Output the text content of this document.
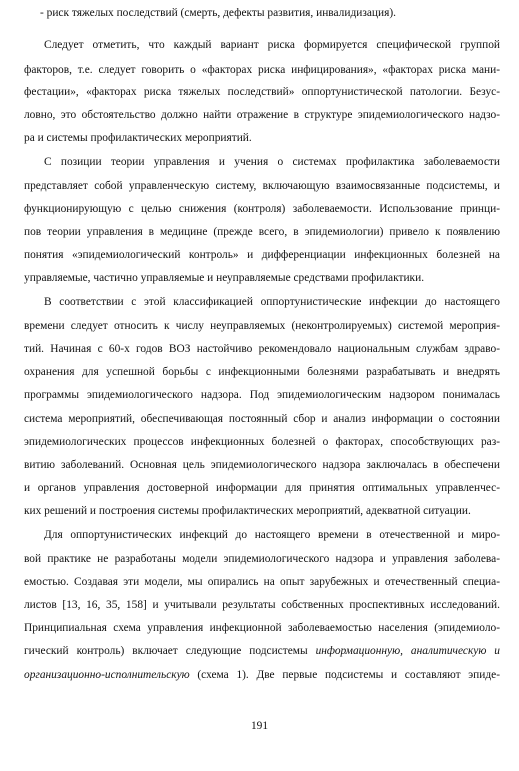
- риск тяжелых последствий (смерть, дефекты развития, инвалидизация).
Следует отметить, что каждый вариант риска формируется специфической группой
факторов, т.е. следует говорить о «факторах риска инфицирования», «факторах риска мани-
фестации», «факторах риска тяжелых последствий» оппортунистической патологии. Безус-
ловно, это обстоятельство должно найти отражение в структуре эпидемиологического надзо-
ра и системы профилактических мероприятий.
С позиции теории управления и учения о системах профилактика заболеваемости
представляет собой управленческую систему, включающую взаимосвязанные подсистемы, и
функционирующую с целью снижения (контроля) заболеваемости. Использование принци-
пов теории управления в медицине (прежде всего, в эпидемиологии) привело к появлению
понятия «эпидемиологический контроль» и дифференциации инфекционных болезней на
управляемые, частично управляемые и неуправляемые средствами профилактики.
В соответствии с этой классификацией оппортунистические инфекции до настоящего
времени следует относить к числу неуправляемых (неконтролируемых) системой мероприя-
тий. Начиная с 60-х годов ВОЗ настойчиво рекомендовало национальным службам здраво-
охранения для успешной борьбы с инфекционными болезнями разрабатывать и внедрять
программы эпидемиологического надзора. Под эпидемиологическим надзором понималась
система мероприятий, обеспечивающая постоянный сбор и анализ информации о состоянии
эпидемиологических процессов инфекционных болезней о факторах, способствующих раз-
витию заболеваний. Основная цель эпидемиологического надзора заключалась в обеспечени
и органов управления достоверной информации для принятия оптимальных управленчес-
ких решений и построения системы профилактических мероприятий, адекватной ситуации.
Для оппортунистических инфекций до настоящего времени в отечественной и миро-
вой практике не разработаны модели эпидемиологического надзора и управления заболева-
емостью. Создавая эти модели, мы опирались на опыт зарубежных и отечественный специа-
листов [13, 16, 35, 158] и учитывали результаты собственных проспективных исследований.
Принципиальная схема управления инфекционной заболеваемостью населения (эпидемиоло-
гический контроль) включает следующие подсистемы информационную, аналитическую и
организационно-исполнительскую (схема 1). Две первые подсистемы и составляют эпиде-
191
